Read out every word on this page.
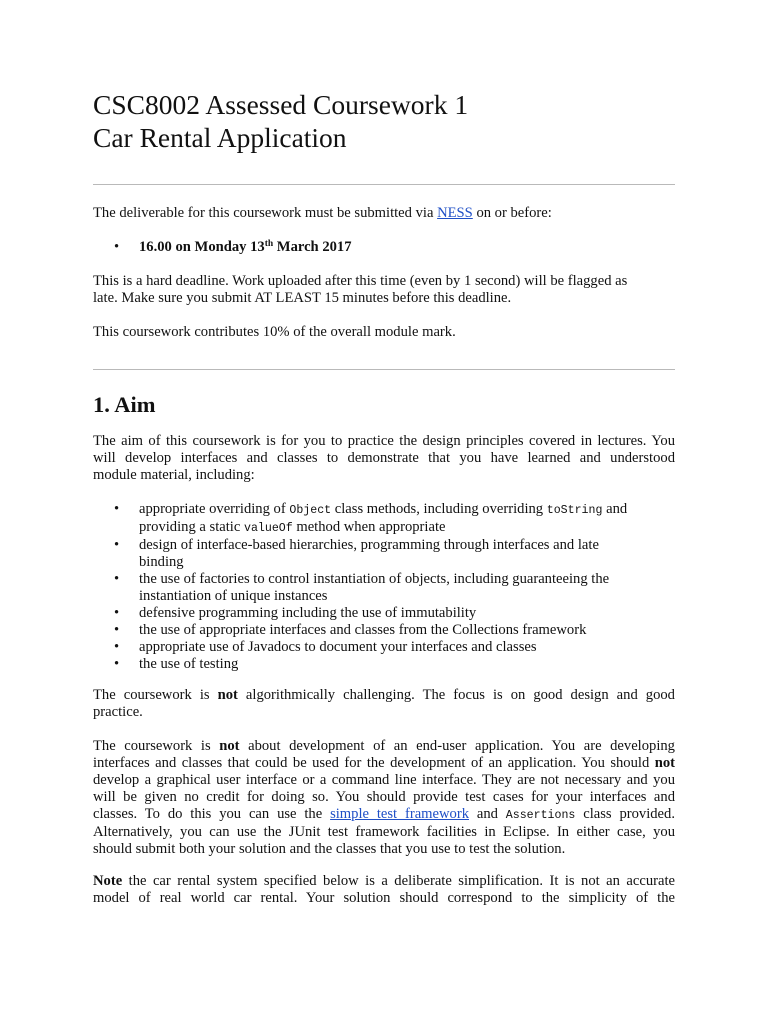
CSC8002 Assessed Coursework 1
Car Rental Application

The deliverable for this coursework must be submitted via NESS on or before:

• 16.00 on Monday 13th March 2017

This is a hard deadline. Work uploaded after this time (even by 1 second) will be flagged as
late. Make sure you submit AT LEAST 15 minutes before this deadline.

This coursework contributes 10% of the overall module mark.

1. Aim

The aim of this coursework is for you to practice the design principles covered in lectures. You
will develop interfaces and classes to demonstrate that you have learned and understood
module material, including:

• appropriate overriding of Object class methods, including overriding toString and
providing a static valueOf method when appropriate
• design of interface-based hierarchies, programming through interfaces and late
binding
• the use of factories to control instantiation of objects, including guaranteeing the
instantiation of unique instances
• defensive programming including the use of immutability
• the use of appropriate interfaces and classes from the Collections framework
• appropriate use of Javadocs to document your interfaces and classes
• the use of testing

The coursework is not algorithmically challenging. The focus is on good design and good
practice.

The coursework is not about development of an end-user application. You are developing
interfaces and classes that could be used for the development of an application. You should not
develop a graphical user interface or a command line interface. They are not necessary and you
will be given no credit for doing so. You should provide test cases for your interfaces and
classes. To do this you can use the simple test framework and Assertions class provided.
Alternatively, you can use the JUnit test framework facilities in Eclipse. In either case, you
should submit both your solution and the classes that you use to test the solution.

Note the car rental system specified below is a deliberate simplification. It is not an accurate
model of real world car rental. Your solution should correspond to the simplicity of the
